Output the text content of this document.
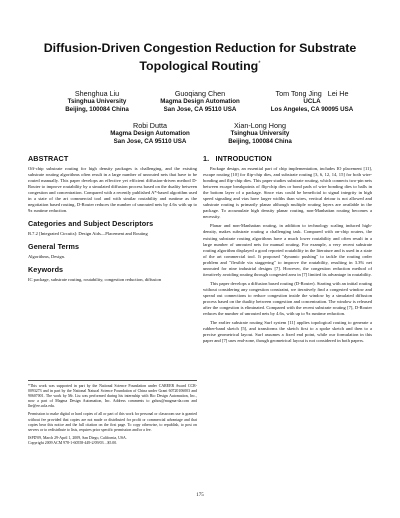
Diffusion-Driven Congestion Reduction for Substrate
Topological Routing*
Shenghua Liu
Tsinghua University
Beijing, 100084 China
Guoqiang Chen
Magma Design Automation
San Jose, CA 95110 USA
Tom Tong Jing   Lei He
UCLA
Los Angeles, CA 90095 USA
Robi Dutta
Magma Design Automation
San Jose, CA 95110 USA
Xian-Long Hong
Tsinghua University
Beijing, 100084 China
ABSTRACT

Off-chip substrate routing for high density packages is challenging, and the existing substrate routing algorithms often result in a large number of unrouted nets that have to be routed manually. This paper develops an effective yet efficient diffusion-driven method D-Router to improve routability by a simulated diffusion process based on the duality between congestion and concentration. Compared with a recently published A*-based algorithm used in a state of the art commercial tool and with similar routability and runtime as the negotiation based routing, D-Router reduces the number of unrouted nets by 4.6x with up to 9x runtime reduction.

Categories and Subject Descriptors

B.7.2 [Integrated Circuits]: Design Aids—Placement and Routing

General Terms

Algorithms, Design.

Keywords

IC package, substrate routing, routability, congestion reduction, diffusion

*This work was supported in part by the National Science Foundation under CAREER Award CCR-0093273 and in part by the National Natural Science Foundation of China under Grant 60720106003 and 90607001. The work by Mr. Liu was performed during his internship with Rio Design Automation, Inc., now a part of Magma Design Automation, Inc. Address comments to gzhou@magma-da.com and lhe@ee.ucla.edu.

Permission to make digital or hard copies of all or part of this work for personal or classroom use is granted without fee provided that copies are not made or distributed for profit or commercial advantage and that copies bear this notice and the full citation on the first page. To copy otherwise, to republish, to post on servers or to redistribute to lists, requires prior specific permission and/or a fee.

ISPD'09, March 29-April 1, 2009, San Diego, California, USA.

Copyright 2009 ACM 978-1-60558-449-2/09/03 ...$5.00.

1.   INTRODUCTION

Package design, an essential part of chip implementation, includes IO placement [11], escape routing [10] for flip-chip dies, and substrate routing [3, 6, 12, 14, 15] for both wire-bonding and flip-chip dies. This paper studies substrate routing, which connects two-pin nets between escape breakpoints of flip-chip dies or bond pads of wire bonding dies to balls in the bottom layer of a package. Since vias could be beneficial to signal integrity in high speed signaling and vias have larger widths than wires, vertical detour is not allowed and substrate routing is primarily planar although multiple routing layers are available in the package. To accumulate high density planar routing, non-Manhattan routing becomes a necessity.

Planar and non-Manhattan routing, in addition to technology scaling induced high-density, makes substrate routing a challenging task. Compared with on-chip routers, the existing substrate routing algorithms have a much lower routability and often result in a large number of unrouted nets for manual routing. For example, a very recent substrate routing algorithm displayed a good reported routability in the literature and is used in a state of the art commercial tool. It proposed "dynamic pushing" to tackle the routing order problem and "flexible via staggering" to improve the routability, resulting in 3.3% net unrouted for nine industrial designs [7]. However, the congestion reduction method of iteratively avoiding routing through congested area in [7] limited its advantage in routability.

This paper develops a diffusion based routing (D-Router). Starting with an initial routing without considering any congestion constraint, we iteratively find a congested window and spread out connections to reduce congestion inside the window by a simulated diffusion process based on the duality between congestion and concentration. The window is released after the congestion is eliminated. Compared with the recent substrate routing [7], D-Router reduces the number of unrouted nets by 4.6x, with up to 9x runtime reduction.

The earlier substrate routing Surf system [11] applies topological routing to generate a rubber-band sketch [5], and transforms the sketch first to a spoke sketch and then to a precise geometrical layout. Surf assumes a fixed end point, while our formulation in this paper and [7] uses end-zone, though geometrical layout is not considered in both papers.

175
